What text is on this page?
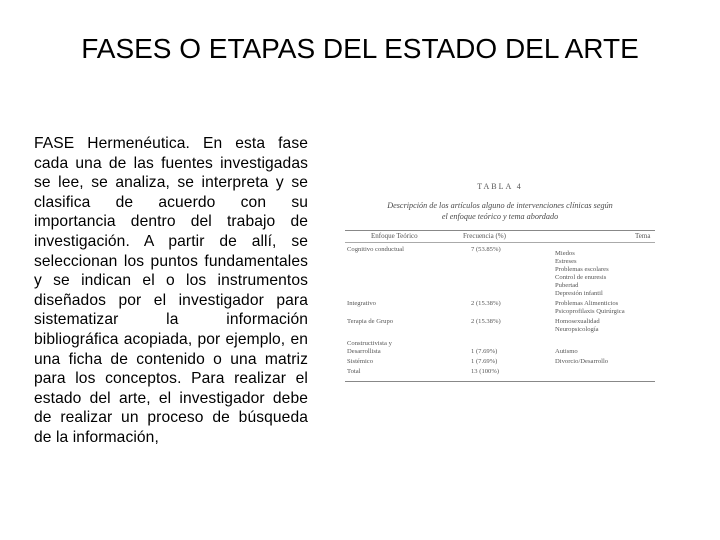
FASES O ETAPAS DEL ESTADO DEL ARTE
FASE Hermenéutica. En esta fase cada una de las fuentes investigadas se lee, se analiza, se interpreta y se clasifica de acuerdo con su importancia dentro del trabajo de investigación. A partir de allí, se seleccionan los puntos fundamentales y se indican el o los instrumentos diseñados por el investigador para sistematizar la información bibliográfica acopiada, por ejemplo, en una ficha de contenido o una matriz para los conceptos. Para realizar el estado del arte, el investigador debe de realizar un proceso de búsqueda de la información,
TABLA 4
Descripción de los artículos alguno de intervenciones clínicas según
el enfoque teórico y tema abordado
Enfoque Teórico	Frecuencia (%)	Tema
Cognitivo conductual	7 (53.85%)
Miedos
Estreses
Problemas escolares
Control de enuresis
Pubertad
Depresión infantil
Integrativo	2 (15.38%)	Problemas Alimenticios
Psicoprofilaxis Quirúrgica
Terapia de Grupo	2 (15.38%)	Homosexualidad
Neuropsicología
Constructivista y Desarrollista	1 (7.69%)	Autismo
Sistémico	1 (7.69%)	Divorcio/Desarrollo
Total	13 (100%)
